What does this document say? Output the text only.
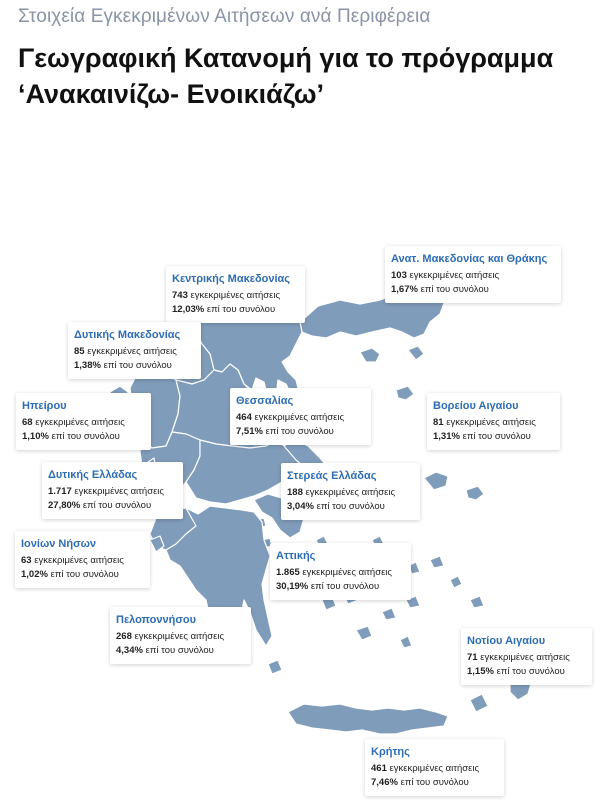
Στοιχεία Εγκεκριμένων Αιτήσεων ανά Περιφέρεια
Γεωγραφική Κατανομή για το πρόγραμμα
‘Ανακαινίζω- Ενοικιάζω’
Ανατ. Μακεδονίας και Θράκης
103 εγκεκριμένες αιτήσεις
1,67% επί του συνόλου
Κεντρικής Μακεδονίας
743 εγκεκριμένες αιτήσεις
12,03% επί του συνόλου
Δυτικής Μακεδονίας
85 εγκεκριμένες αιτήσεις
1,38% επί του συνόλου
Ηπείρου
68 εγκεκριμένες αιτήσεις
1,10% επί του συνόλου
Θεσσαλίας
464 εγκεκριμένες αιτήσεις
7,51% επί του συνόλου
Βορείου Αιγαίου
81 εγκεκριμένες αιτήσεις
1,31% επί του συνόλου
Δυτικής Ελλάδας
1.717 εγκεκριμένες αιτήσεις
27,80% επί του συνόλου
Στερεάς Ελλάδας
188 εγκεκριμένες αιτήσεις
3,04% επί του συνόλου
Ιονίων Νήσων
63 εγκεκριμένες αιτήσεις
1,02% επί του συνόλου
Αττικής
1.865 εγκεκριμένες αιτήσεις
30,19% επί του συνόλου
Πελοποννήσου
268 εγκεκριμένες αιτήσεις
4,34% επί του συνόλου
Νοτίου Αιγαίου
71 εγκεκριμένες αιτήσεις
1,15% επί του συνόλου
Κρήτης
461 εγκεκριμένες αιτήσεις
7,46% επί του συνόλου
